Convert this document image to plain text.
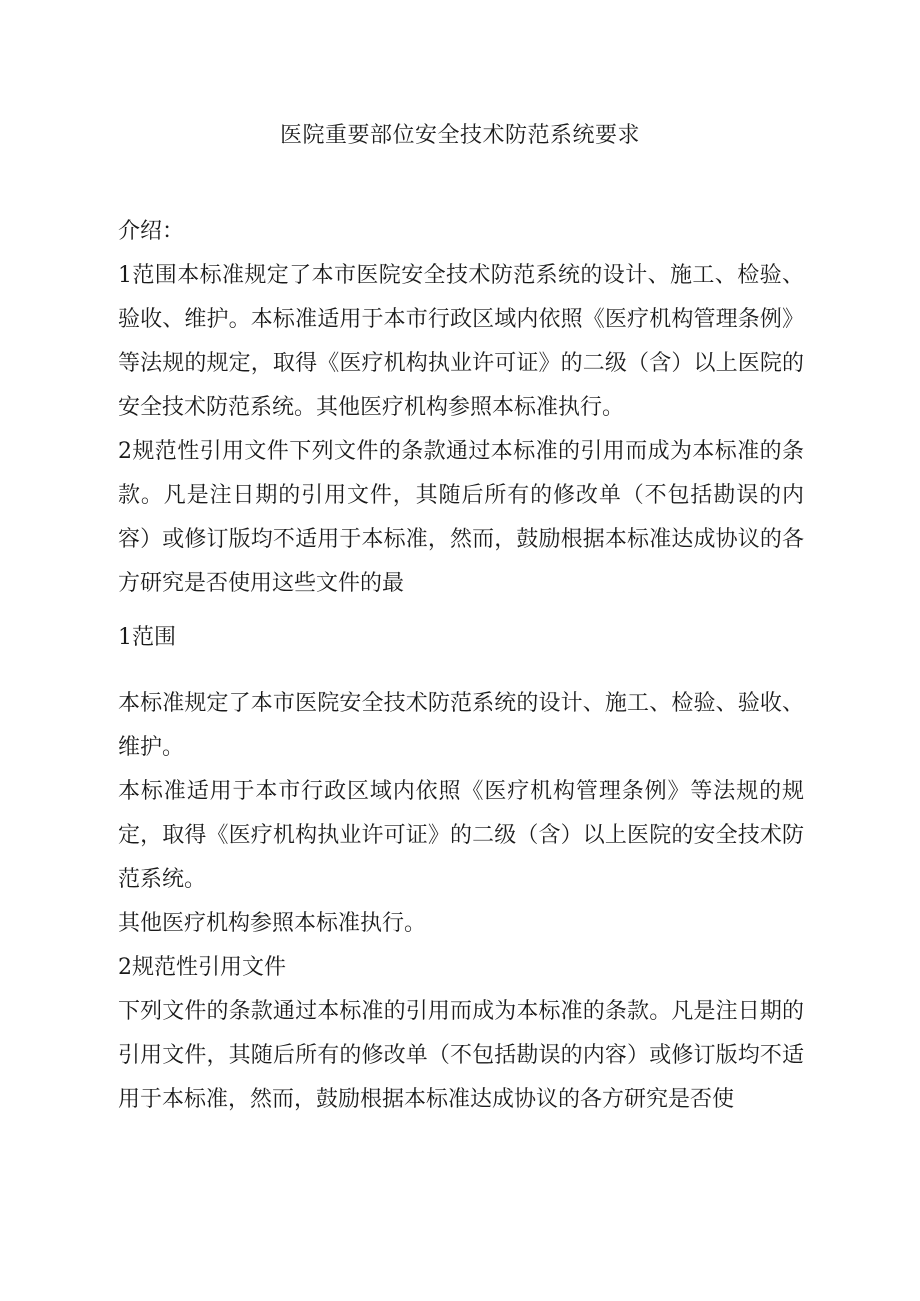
医院重要部位安全技术防范系统要求

介绍：

1范围本标准规定了本市医院安全技术防范系统的设计、施工、检验、验收、维护。本标准适用于本市行政区域内依照《医疗机构管理条例》等法规的规定，取得《医疗机构执业许可证》的二级（含）以上医院的安全技术防范系统。其他医疗机构参照本标准执行。

2规范性引用文件下列文件的条款通过本标准的引用而成为本标准的条款。凡是注日期的引用文件，其随后所有的修改单（不包括勘误的内容）或修订版均不适用于本标准，然而，鼓励根据本标准达成协议的各方研究是否使用这些文件的最

1范围

本标准规定了本市医院安全技术防范系统的设计、施工、检验、验收、维护。

本标准适用于本市行政区域内依照《医疗机构管理条例》等法规的规定，取得《医疗机构执业许可证》的二级（含）以上医院的安全技术防范系统。

其他医疗机构参照本标准执行。

2规范性引用文件

下列文件的条款通过本标准的引用而成为本标准的条款。凡是注日期的引用文件，其随后所有的修改单（不包括勘误的内容）或修订版均不适用于本标准，然而，鼓励根据本标准达成协议的各方研究是否使
